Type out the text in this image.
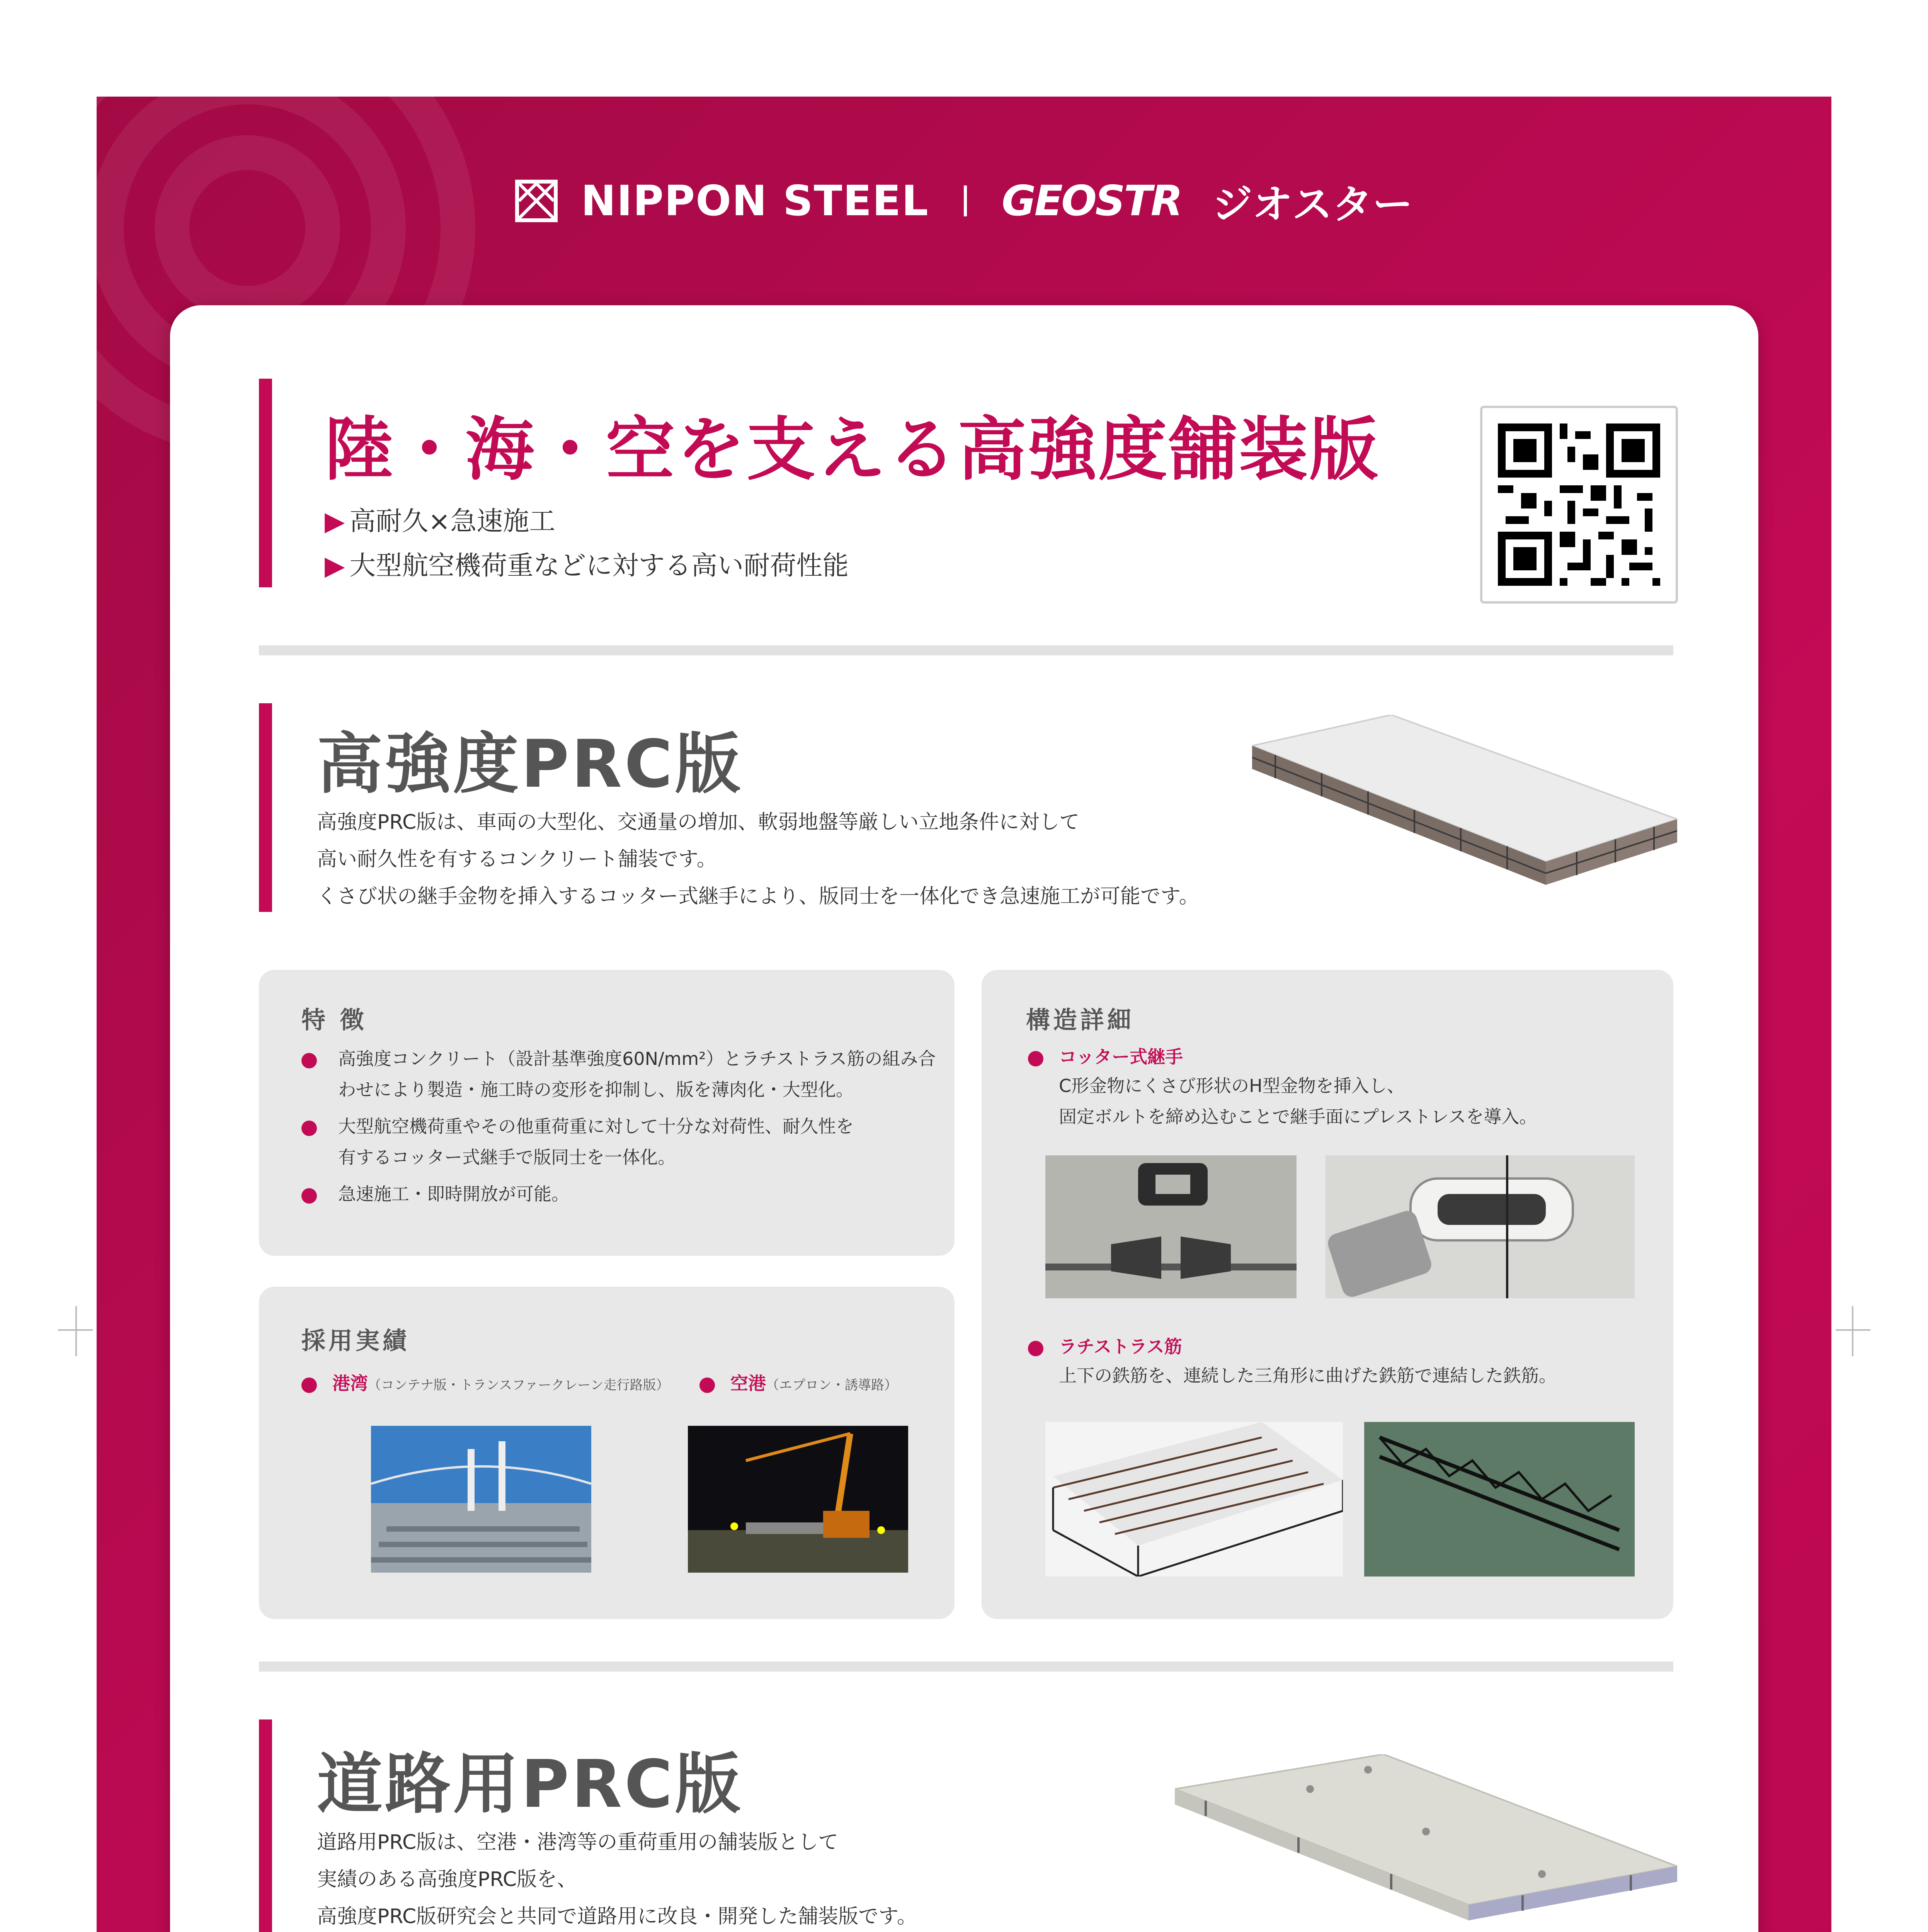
NIPPON STEEL GEOSTR ジオスター
陸・海・空を支える高強度舗装版
▶ 高耐久×急速施工
▶ 大型航空機荷重などに対する高い耐荷性能
高強度PRC版
高強度PRC版は、車両の大型化、交通量の増加、軟弱地盤等厳しい立地条件に対して
高い耐久性を有するコンクリート舗装です。
くさび状の継手金物を挿入するコッター式継手により、版同士を一体化でき急速施工が可能です。
特 徴
高強度コンクリート（設計基準強度60N/mm²）とラチストラス筋の組み合
わせにより製造・施工時の変形を抑制し、版を薄肉化・大型化。
大型航空機荷重やその他重荷重に対して十分な対荷性、耐久性を
有するコッター式継手で版同士を一体化。
急速施工・即時開放が可能。
採用実績
港湾（コンテナ版・トランスファークレーン走行路版）	空港（エプロン・誘導路）
構造詳細
コッター式継手
C形金物にくさび形状のH型金物を挿入し、
固定ボルトを締め込むことで継手面にプレストレスを導入。
ラチストラス筋
上下の鉄筋を、連続した三角形に曲げた鉄筋で連結した鉄筋。
道路用PRC版
道路用PRC版は、空港・港湾等の重荷重用の舗装版として
実績のある高強度PRC版を、
高強度PRC版研究会と共同で道路用に改良・開発した舗装版です。
